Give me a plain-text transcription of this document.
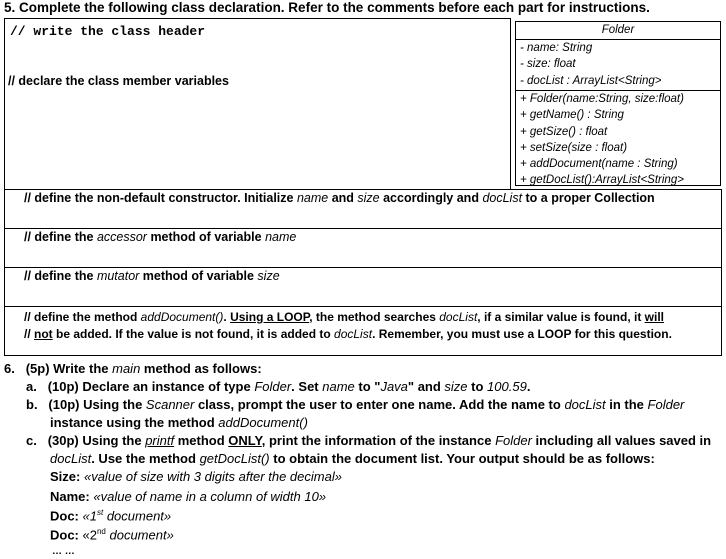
5. Complete the following class declaration. Refer to the comments before each part for instructions.
// write the class header
// declare the class member variables
Folder
- name: String
- size: float
- docList : ArrayList<String>
+ Folder(name:String, size:float)
+ getName() : String
+ getSize() : float
+ setSize(size : float)
+ addDocument(name : String)
+ getDocList():ArrayList<String>
// define the non-default constructor. Initialize name and size accordingly and docList to a proper Collection
// define the accessor method of variable name
// define the mutator method of variable size
// define the method addDocument(). Using a LOOP, the method searches docList, if a similar value is found, it will
// not be added. If the value is not found, it is added to docList. Remember, you must use a LOOP for this question.
6. (5p) Write the main method as follows:
a. (10p) Declare an instance of type Folder. Set name to "Java" and size to 100.59.
b. (10p) Using the Scanner class, prompt the user to enter one name. Add the name to docList in the Folder
instance using the method addDocument()
c. (30p) Using the printf method ONLY, print the information of the instance Folder including all values saved in
docList. Use the method getDocList() to obtain the document list. Your output should be as follows:
Size: «value of size with 3 digits after the decimal»
Name: «value of name in a column of width 10»
Doc: «1st document»
Doc: «2nd document»
… …
